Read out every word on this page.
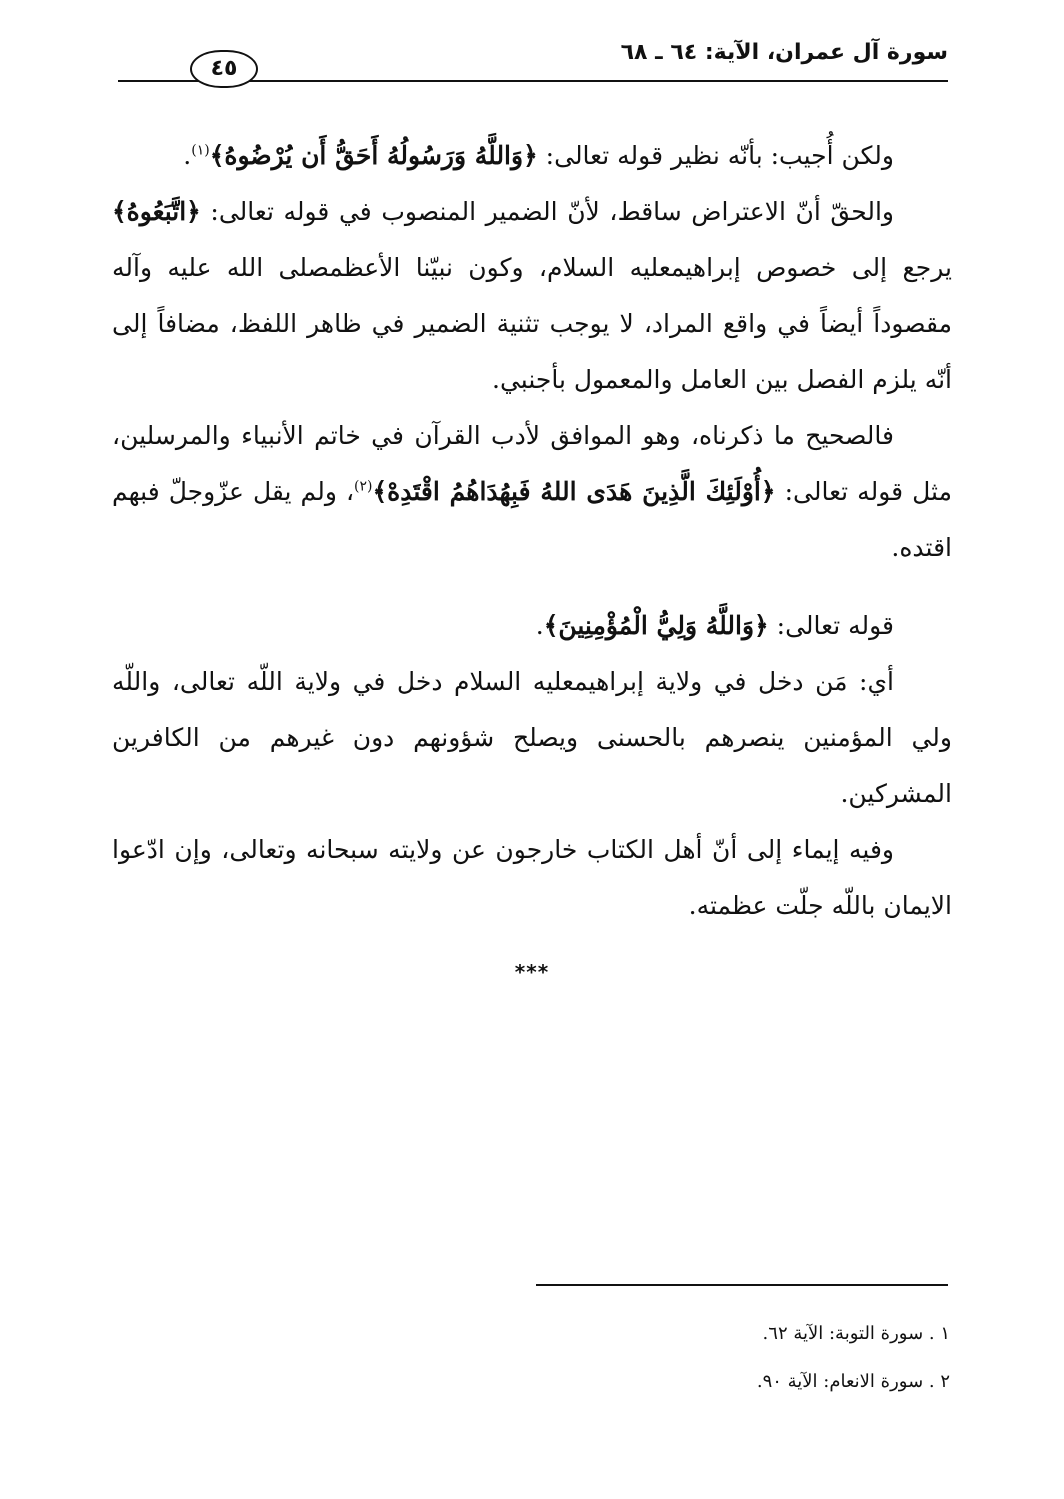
٤٥
سورة آل عمران، الآية: ٦٤ ـ ٦٨

ولكن أُجيب: بأنّه نظير قوله تعالى: ﴿وَاللَّهُ وَرَسُولُهُ أَحَقُّ أَن يُرْضُوهُ﴾$^{(١)}$.

والحقّ أنّ الاعتراض ساقط، لأنّ الضمير المنصوب في قوله تعالى: ﴿اتَّبَعُوهُ﴾ يرجع إلى خصوص إبراهيمعليه السلام، وكون نبيّنا الأعظمصلى الله عليه وآله مقصوداً أيضاً في واقع المراد، لا يوجب تثنية الضمير في ظاهر اللفظ، مضافاً إلى أنّه يلزم الفصل بين العامل والمعمول بأجنبي.

فالصحيح ما ذكرناه، وهو الموافق لأدب القرآن في خاتم الأنبياء والمرسلين، مثل قوله تعالى: ﴿أُوْلَئِكَ الَّذِينَ هَدَى اللهُ فَبِهُدَاهُمُ اقْتَدِهْ﴾$^{(٢)}$، ولم يقل عزّوجلّ فبهم اقتده.

قوله تعالى: ﴿وَاللَّهُ وَلِيُّ الْمُؤْمِنِينَ﴾.

أي: مَن دخل في ولاية إبراهيمعليه السلام دخل في ولاية اللّه تعالى، واللّه ولي المؤمنين ينصرهم بالحسنى ويصلح شؤونهم دون غيرهم من الكافرين المشركين.

وفيه إيماء إلى أنّ أهل الكتاب خارجون عن ولايته سبحانه وتعالى، وإن ادّعوا الايمان باللّه جلّت عظمته.

***
١ . سورة التوبة: الآية ٦٢.
٢ . سورة الانعام: الآية ٩٠.
